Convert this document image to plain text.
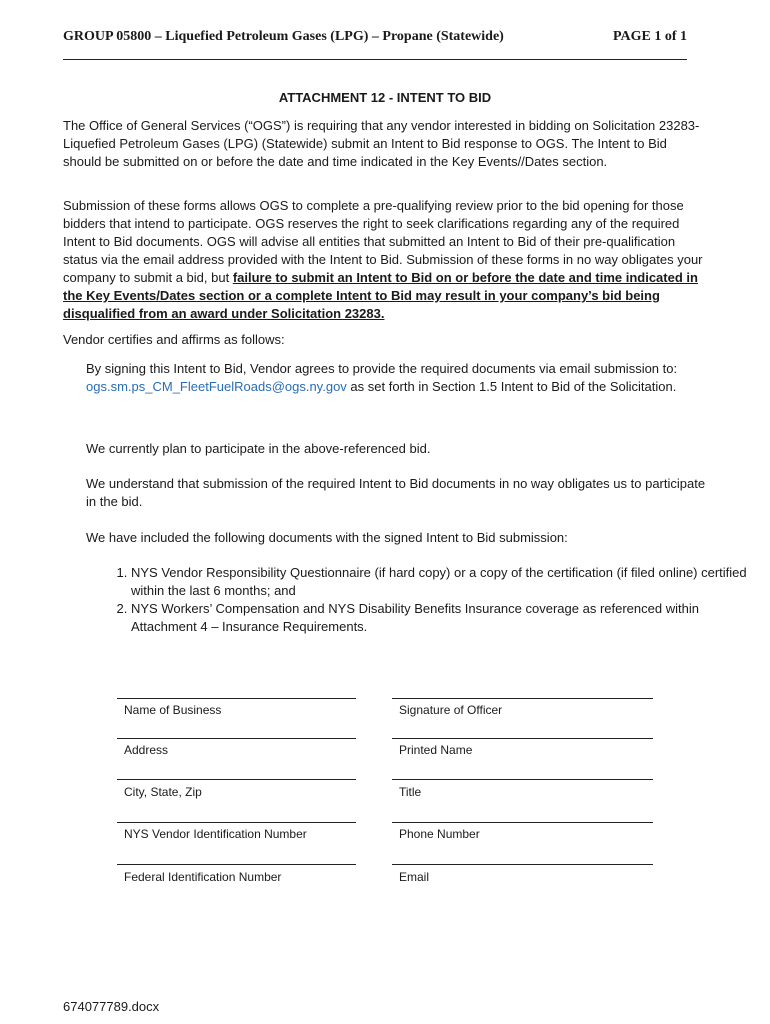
GROUP 05800 – Liquefied Petroleum Gases (LPG) – Propane (Statewide)	PAGE 1 of 1
ATTACHMENT 12 - INTENT TO BID
The Office of General Services (“OGS”) is requiring that any vendor interested in bidding on Solicitation 23283- Liquefied Petroleum Gases (LPG) (Statewide) submit an Intent to Bid response to OGS. The Intent to Bid should be submitted on or before the date and time indicated in the Key Events//Dates section.
Submission of these forms allows OGS to complete a pre-qualifying review prior to the bid opening for those bidders that intend to participate. OGS reserves the right to seek clarifications regarding any of the required Intent to Bid documents. OGS will advise all entities that submitted an Intent to Bid of their pre-qualification status via the email address provided with the Intent to Bid. Submission of these forms in no way obligates your company to submit a bid, but failure to submit an Intent to Bid on or before the date and time indicated in the Key Events/Dates section or a complete Intent to Bid may result in your company’s bid being disqualified from an award under Solicitation 23283.
Vendor certifies and affirms as follows:
By signing this Intent to Bid, Vendor agrees to provide the required documents via email submission to: ogs.sm.ps_CM_FleetFuelRoads@ogs.ny.gov as set forth in Section 1.5 Intent to Bid of the Solicitation.
We currently plan to participate in the above-referenced bid.
We understand that submission of the required Intent to Bid documents in no way obligates us to participate in the bid.
We have included the following documents with the signed Intent to Bid submission:
1. NYS Vendor Responsibility Questionnaire (if hard copy) or a copy of the certification (if filed online) certified within the last 6 months; and
2. NYS Workers’ Compensation and NYS Disability Benefits Insurance coverage as referenced within Attachment 4 – Insurance Requirements.
Name of Business
Address
City, State, Zip
NYS Vendor Identification Number
Federal Identification Number
Signature of Officer
Printed Name
Title
Phone Number
Email
674077789.docx
